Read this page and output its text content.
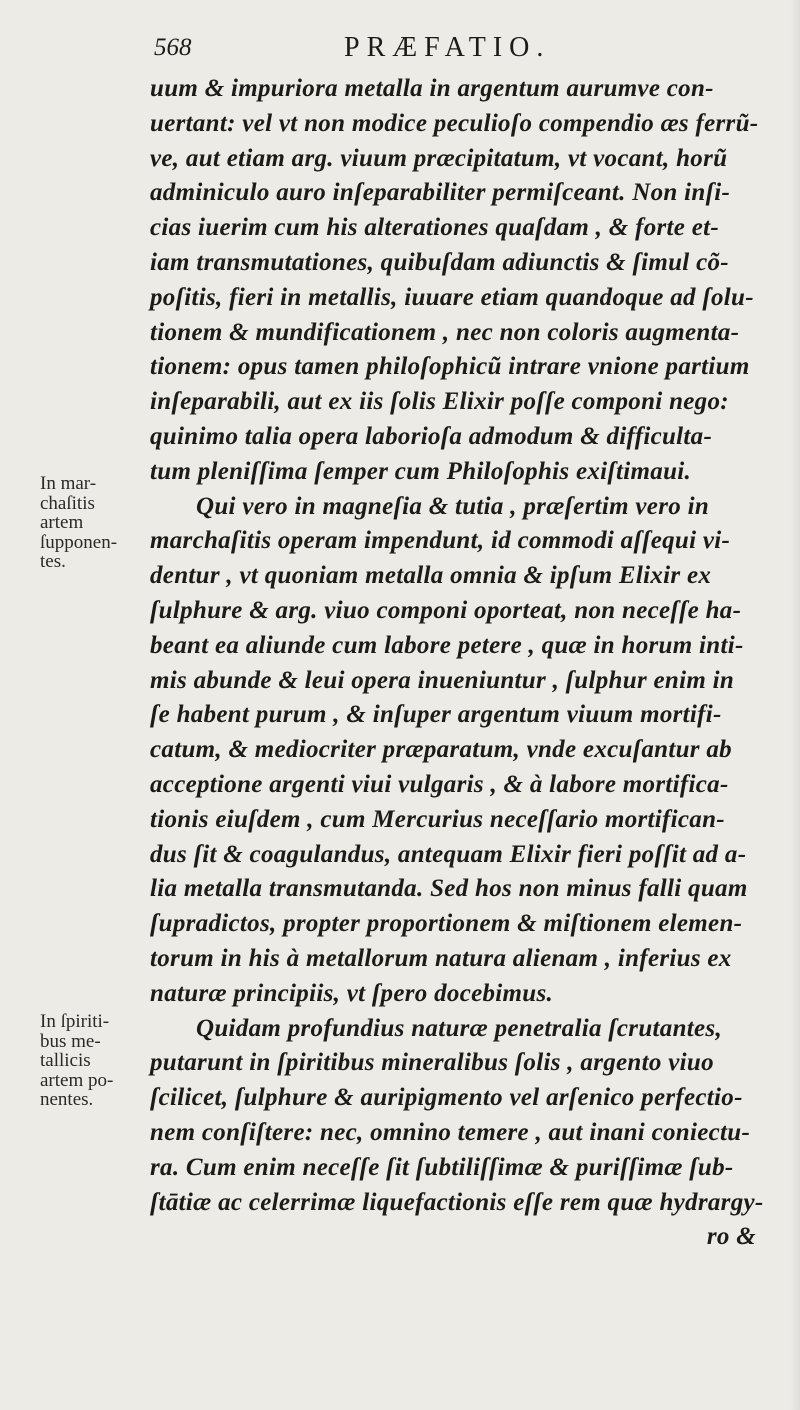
568	PRÆFATIO.
In mar-
chaſitis
artem
ſupponen-
tes.
In ſpiriti-
bus me-
tallicis
artem po-
nentes.
uum & impuriora metalla in argentum aurumve con-
uertant: vel vt non modice peculioſo compendio æs ferrũ-
ve, aut etiam arg. viuum præcipitatum, vt vocant, horũ
adminiculo auro inſeparabiliter permiſceant. Non inſi-
cias iuerim cum his alterationes quaſdam , & forte et-
iam transmutationes, quibuſdam adiunctis & ſimul cõ-
poſitis, fieri in metallis, iuuare etiam quandoque ad ſolu-
tionem & mundificationem , nec non coloris augmenta-
tionem: opus tamen philoſophicũ intrare vnione partium
inſeparabili, aut ex iis ſolis Elixir poſſe componi nego:
quinimo talia opera laborioſa admodum & difficulta-
tum pleniſſima ſemper cum Philoſophis exiſtimaui.
Qui vero in magneſia & tutia , præſertim vero in
marchaſitis operam impendunt, id commodi aſſequi vi-
dentur , vt quoniam metalla omnia & ipſum Elixir ex
ſulphure & arg. viuo componi oporteat, non neceſſe ha-
beant ea aliunde cum labore petere , quæ in horum inti-
mis abunde & leui opera inueniuntur , ſulphur enim in
ſe habent purum , & inſuper argentum viuum mortifi-
catum, & mediocriter præparatum, vnde excuſantur ab
acceptione argenti viui vulgaris , & à labore mortifica-
tionis eiuſdem , cum Mercurius neceſſario mortifican-
dus ſit & coagulandus, antequam Elixir fieri poſſit ad a-
lia metalla transmutanda. Sed hos non minus falli quam
ſupradictos, propter proportionem & miſtionem elemen-
torum in his à metallorum natura alienam , inferius ex
naturæ principiis, vt ſpero docebimus.
Quidam profundius naturæ penetralia ſcrutantes,
putarunt in ſpiritibus mineralibus ſolis , argento viuo
ſcilicet, ſulphure & auripigmento vel arſenico perfectio-
nem conſiſtere: nec, omnino temere , aut inani coniectu-
ra. Cum enim neceſſe ſit ſubtiliſſimæ & puriſſimæ ſub-
ſtātiæ ac celerrimæ liquefactionis eſſe rem quæ hydrargy-
ro &
